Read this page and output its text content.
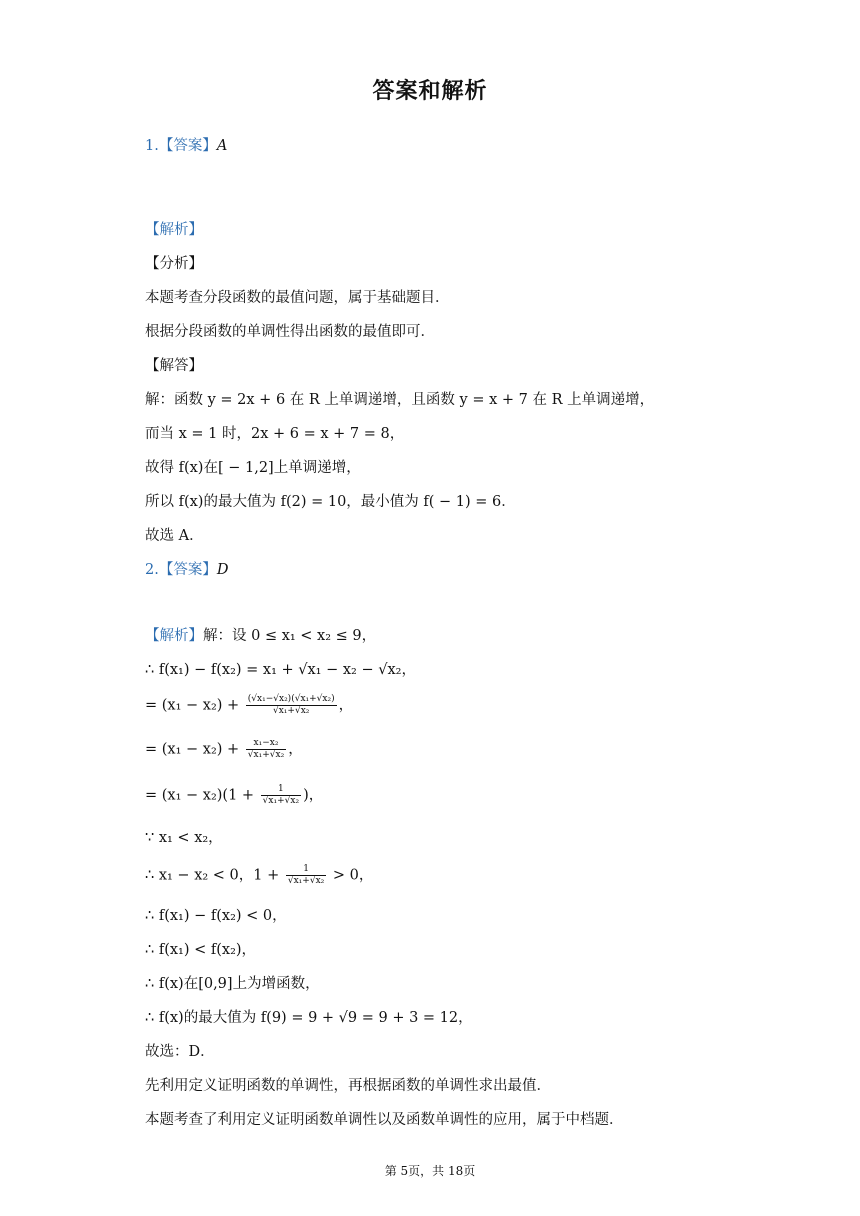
答案和解析
1.【答案】A
【解析】
【分析】
本题考查分段函数的最值问题，属于基础题目．
根据分段函数的单调性得出函数的最值即可．
【解答】
解：函数 y = 2x + 6 在 R 上单调递增，且函数 y = x + 7 在 R 上单调递增，
而当 x = 1 时，2x + 6 = x + 7 = 8，
故得 f(x)在[ − 1,2]上单调递增，
所以 f(x)的最大值为 f(2) = 10，最小值为 f( − 1) = 6．
故选 A．
2.【答案】D
【解析】解：设 0 ≤ x₁ < x₂ ≤ 9，
∴ f(x₁) − f(x₂) = x₁ + √x₁ − x₂ − √x₂，
= $(x_1 - x_2) + \frac{\text{(√x₁−√x₂)(√x₁+√x₂)}}{\text{√x₁+√x₂}}$ ，
= $(x_1 - x_2) + \frac{\text{x₁−x₂}}{\text{√x₁+√x₂}}$ ，
= $(x_1 - x_2)(1 + \frac{1}{\text{√x₁+√x₂}}$ )，
∵ x₁ < x₂，
∴ x₁ − x₂ < 0，$1 + \frac{1}{\text{√x₁+√x₂}} > 0$，
∴ f(x₁) − f(x₂) < 0，
∴ f(x₁) < f(x₂)，
∴ f(x)在[0,9]上为增函数，
∴ f(x)的最大值为 f(9) = 9 + √9 = 9 + 3 = 12，
故选：D．
先利用定义证明函数的单调性，再根据函数的单调性求出最值．
本题考查了利用定义证明函数单调性以及函数单调性的应用，属于中档题．
第 5页，共 18页
